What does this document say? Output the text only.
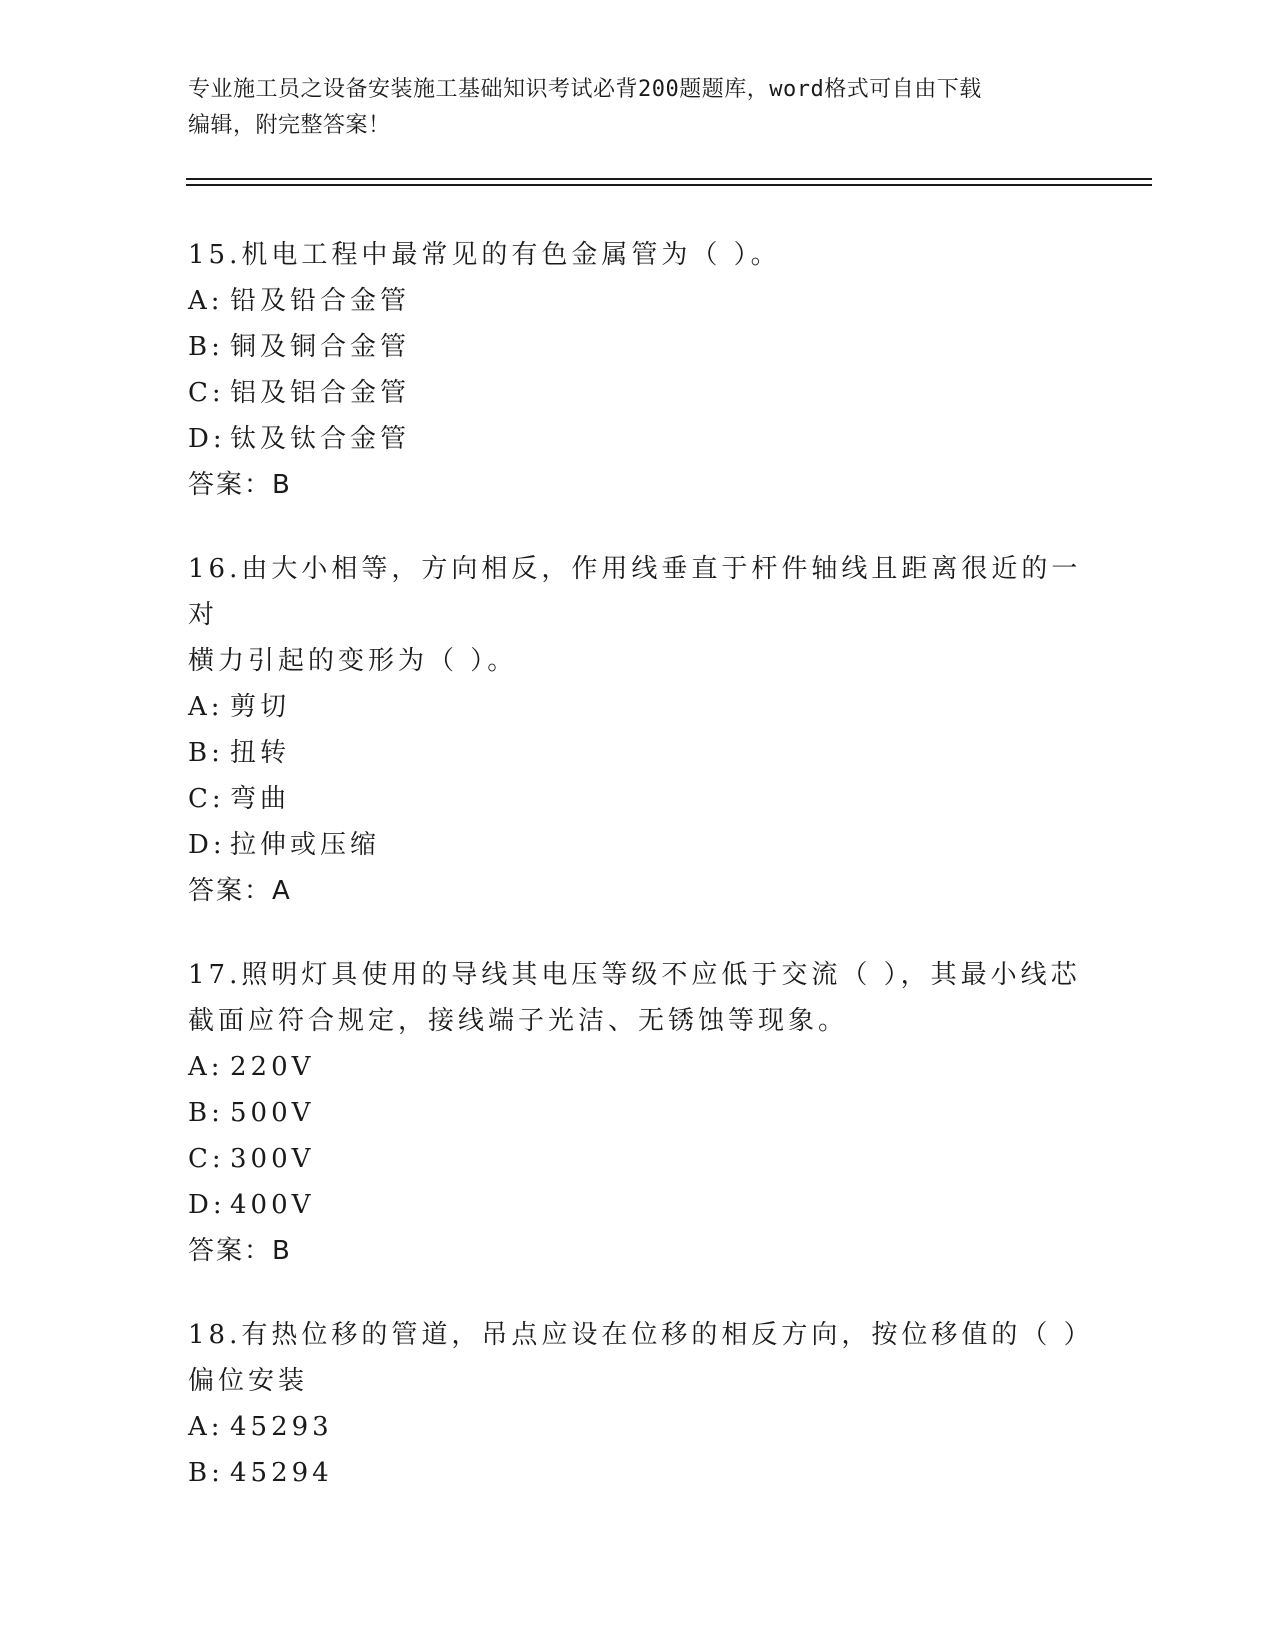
专业施工员之设备安装施工基础知识考试必背200题题库，word格式可自由下载
编辑，附完整答案！
15.机电工程中最常见的有色金属管为（ ）。
A: 铅及铅合金管
B: 铜及铜合金管
C: 铝及铝合金管
D: 钛及钛合金管
答案：B
16.由大小相等，方向相反，作用线垂直于杆件轴线且距离很近的一对
横力引起的变形为（ ）。
A: 剪切
B: 扭转
C: 弯曲
D: 拉伸或压缩
答案：A
17.照明灯具使用的导线其电压等级不应低于交流（ ），其最小线芯
截面应符合规定，接线端子光洁、无锈蚀等现象。
A: 220V
B: 500V
C: 300V
D: 400V
答案：B
18.有热位移的管道，吊点应设在位移的相反方向，按位移值的（ ）
偏位安装
A: 45293
B: 45294
